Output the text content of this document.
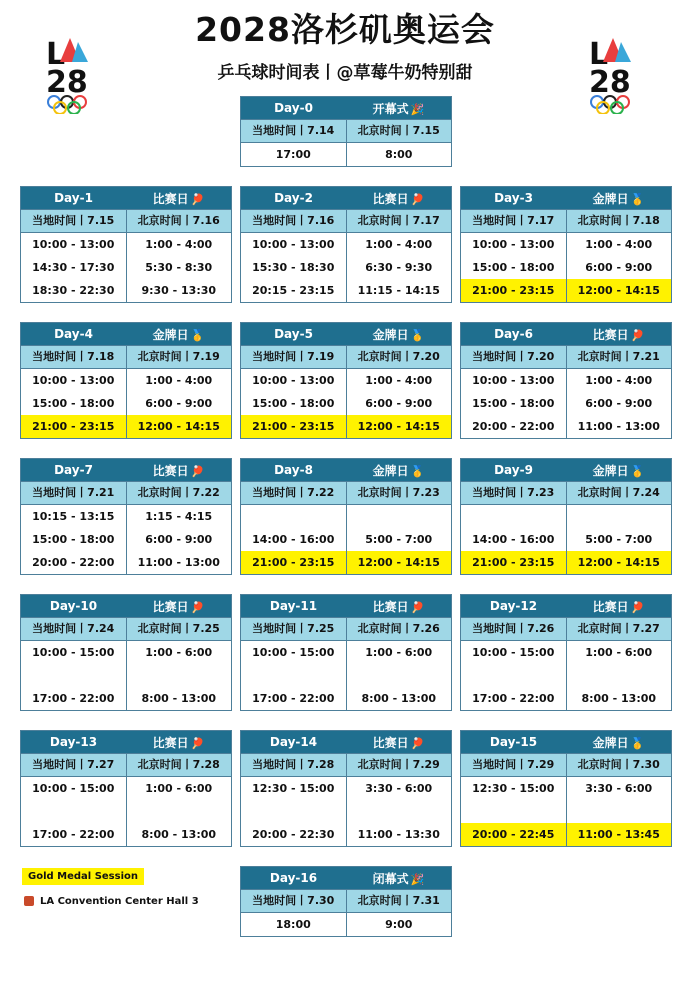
2028洛杉矶奥运会
乒乓球时间表丨@草莓牛奶特别甜
L
28
L
28
Day-0	开幕式 🎉
当地时间丨7.14	北京时间丨7.15
17:00	8:00
Day-1	比赛日 🏓
当地时间丨7.15	北京时间丨7.16
10:00 - 13:00	1:00 - 4:00
14:30 - 17:30	5:30 - 8:30
18:30 - 22:30	9:30 - 13:30
Day-2	比赛日 🏓
当地时间丨7.16	北京时间丨7.17
10:00 - 13:00	1:00 - 4:00
15:30 - 18:30	6:30 - 9:30
20:15 - 23:15	11:15 - 14:15
Day-3	金牌日 🥇
当地时间丨7.17	北京时间丨7.18
10:00 - 13:00	1:00 - 4:00
15:00 - 18:00	6:00 - 9:00
21:00 - 23:15	12:00 - 14:15
Day-4	金牌日 🥇
当地时间丨7.18	北京时间丨7.19
10:00 - 13:00	1:00 - 4:00
15:00 - 18:00	6:00 - 9:00
21:00 - 23:15	12:00 - 14:15
Day-5	金牌日 🥇
当地时间丨7.19	北京时间丨7.20
10:00 - 13:00	1:00 - 4:00
15:00 - 18:00	6:00 - 9:00
21:00 - 23:15	12:00 - 14:15
Day-6	比赛日 🏓
当地时间丨7.20	北京时间丨7.21
10:00 - 13:00	1:00 - 4:00
15:00 - 18:00	6:00 - 9:00
20:00 - 22:00	11:00 - 13:00
Day-7	比赛日 🏓
当地时间丨7.21	北京时间丨7.22
10:15 - 13:15	1:15 - 4:15
15:00 - 18:00	6:00 - 9:00
20:00 - 22:00	11:00 - 13:00
Day-8	金牌日 🥇
当地时间丨7.22	北京时间丨7.23
14:00 - 16:00	5:00 - 7:00
21:00 - 23:15	12:00 - 14:15
Day-9	金牌日 🥇
当地时间丨7.23	北京时间丨7.24
14:00 - 16:00	5:00 - 7:00
21:00 - 23:15	12:00 - 14:15
Day-10	比赛日 🏓
当地时间丨7.24	北京时间丨7.25
10:00 - 15:00	1:00 - 6:00
17:00 - 22:00	8:00 - 13:00
Day-11	比赛日 🏓
当地时间丨7.25	北京时间丨7.26
10:00 - 15:00	1:00 - 6:00
17:00 - 22:00	8:00 - 13:00
Day-12	比赛日 🏓
当地时间丨7.26	北京时间丨7.27
10:00 - 15:00	1:00 - 6:00
17:00 - 22:00	8:00 - 13:00
Day-13	比赛日 🏓
当地时间丨7.27	北京时间丨7.28
10:00 - 15:00	1:00 - 6:00
17:00 - 22:00	8:00 - 13:00
Day-14	比赛日 🏓
当地时间丨7.28	北京时间丨7.29
12:30 - 15:00	3:30 - 6:00
20:00 - 22:30	11:00 - 13:30
Day-15	金牌日 🥇
当地时间丨7.29	北京时间丨7.30
12:30 - 15:00	3:30 - 6:00
20:00 - 22:45	11:00 - 13:45
Day-16	闭幕式 🎉
当地时间丨7.30	北京时间丨7.31
18:00	9:00
Gold Medal Session
LA Convention Center Hall 3
